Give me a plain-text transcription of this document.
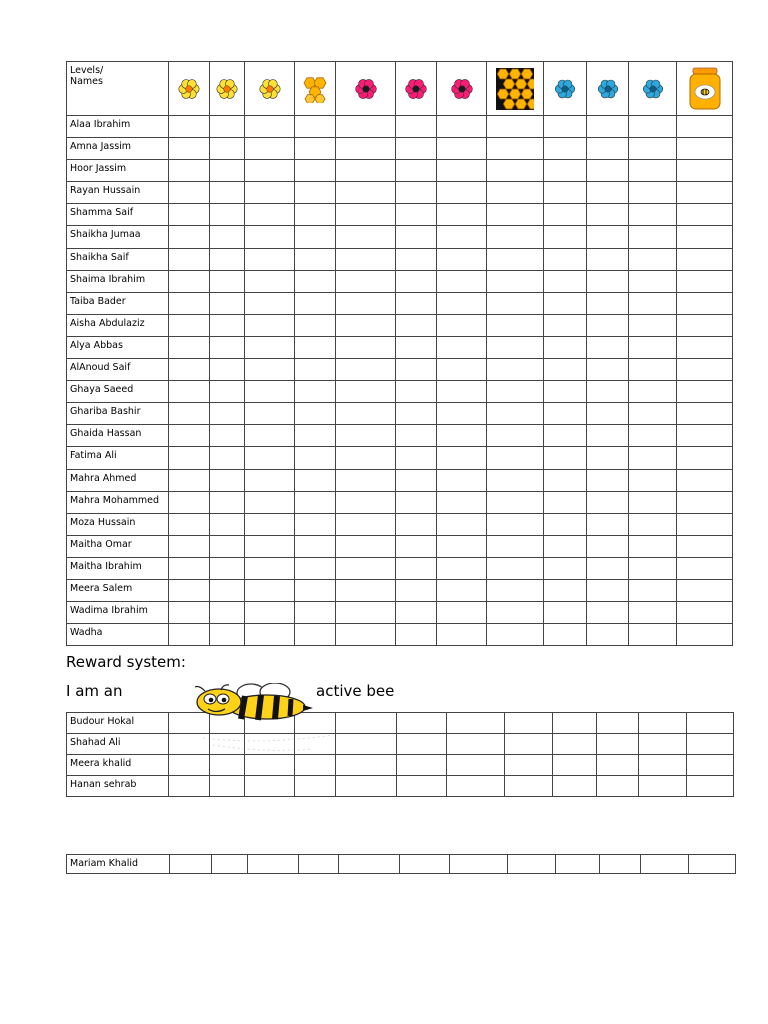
Levels/
Names	

Alaa Ibrahim												
Amna Jassim												
Hoor Jassim												
Rayan Hussain												
Shamma Saif												
Shaikha Jumaa												
Shaikha Saif												
Shaima Ibrahim												
Taiba Bader												
Aisha Abdulaziz												
Alya Abbas												
AlAnoud Saif												
Ghaya Saeed												
Ghariba Bashir												
Ghaida Hassan												
Fatima Ali												
Mahra Ahmed												
Mahra Mohammed												
Moza Hussain												
Maitha Omar												
Maitha Ibrahim												
Meera Salem												
Wadima Ibrahim												
Wadha												
Reward system:
I am an	active bee
Budour Hokal												
Shahad Ali												
Meera khalid												
Hanan sehrab												
Mariam Khalid												
